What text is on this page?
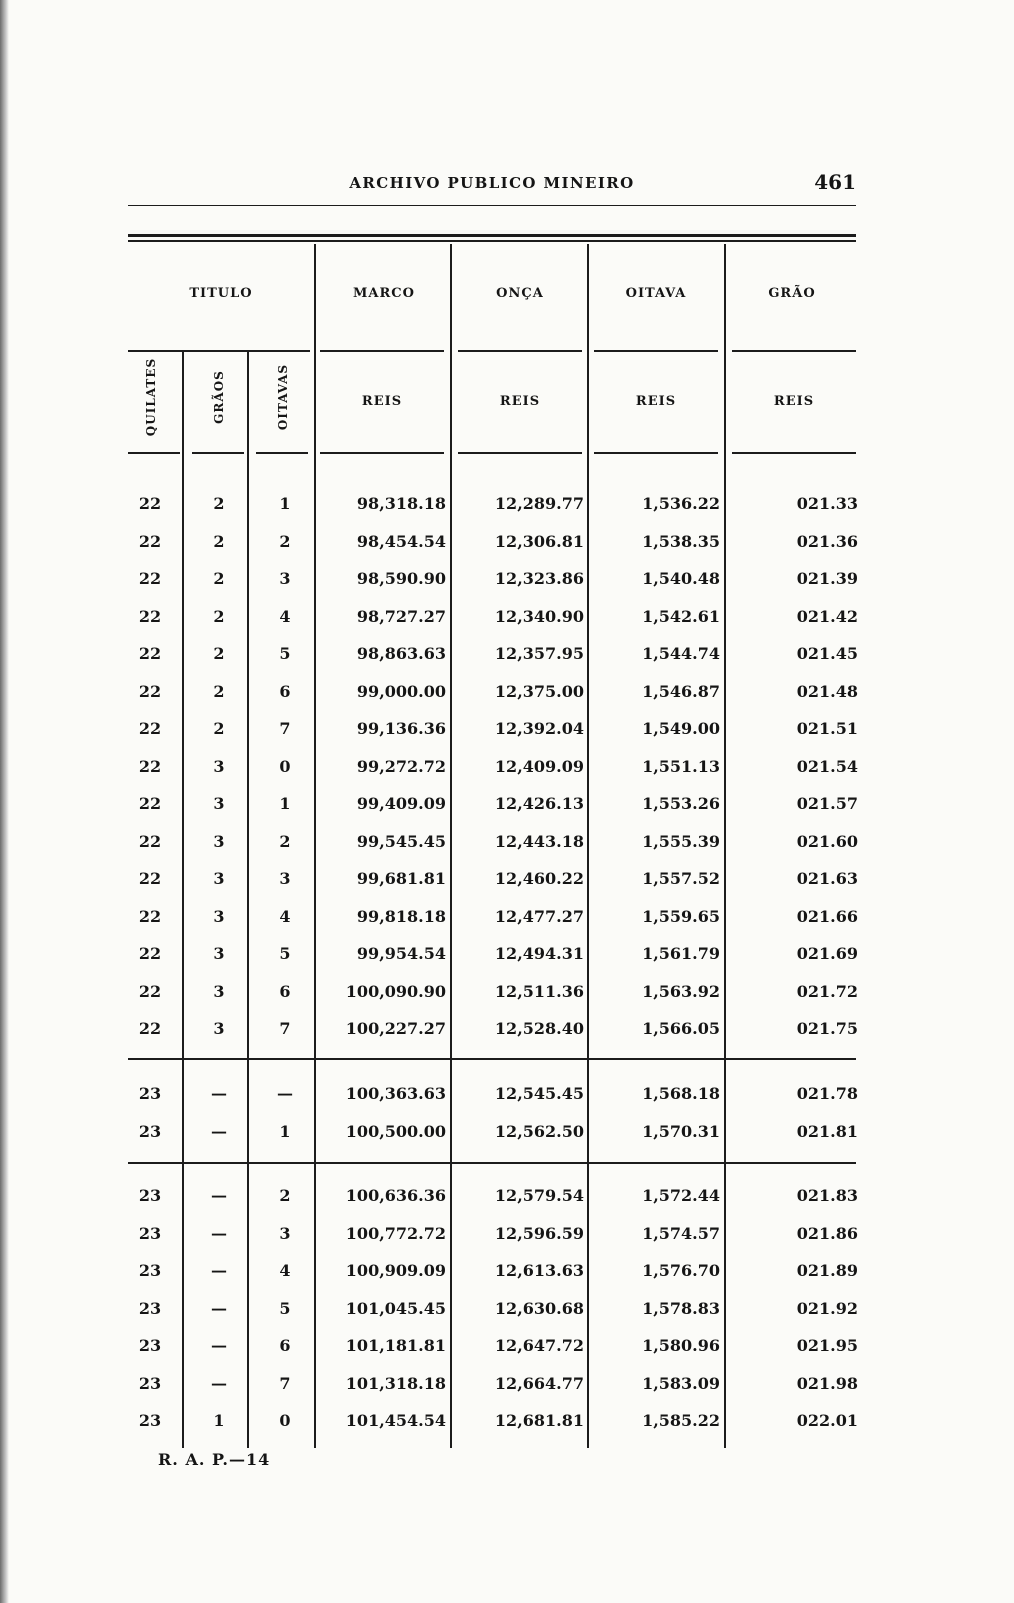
ARCHIVO PUBLICO MINEIRO	461
TITULO	MARCO	ONÇA	OITAVA	GRÃO
QUILATES	GRÃOS	OITAVAS	REIS	REIS	REIS	REIS
22	2	1	98,318.18	12,289.77	1,536.22	021.33
22	2	2	98,454.54	12,306.81	1,538.35	021.36
22	2	3	98,590.90	12,323.86	1,540.48	021.39
22	2	4	98,727.27	12,340.90	1,542.61	021.42
22	2	5	98,863.63	12,357.95	1,544.74	021.45
22	2	6	99,000.00	12,375.00	1,546.87	021.48
22	2	7	99,136.36	12,392.04	1,549.00	021.51
22	3	0	99,272.72	12,409.09	1,551.13	021.54
22	3	1	99,409.09	12,426.13	1,553.26	021.57
22	3	2	99,545.45	12,443.18	1,555.39	021.60
22	3	3	99,681.81	12,460.22	1,557.52	021.63
22	3	4	99,818.18	12,477.27	1,559.65	021.66
22	3	5	99,954.54	12,494.31	1,561.79	021.69
22	3	6	100,090.90	12,511.36	1,563.92	021.72
22	3	7	100,227.27	12,528.40	1,566.05	021.75
23	—	—	100,363.63	12,545.45	1,568.18	021.78
23	—	1	100,500.00	12,562.50	1,570.31	021.81
23	—	2	100,636.36	12,579.54	1,572.44	021.83
23	—	3	100,772.72	12,596.59	1,574.57	021.86
23	—	4	100,909.09	12,613.63	1,576.70	021.89
23	—	5	101,045.45	12,630.68	1,578.83	021.92
23	—	6	101,181.81	12,647.72	1,580.96	021.95
23	—	7	101,318.18	12,664.77	1,583.09	021.98
23	1	0	101,454.54	12,681.81	1,585.22	022.01
R. A. P.—14
